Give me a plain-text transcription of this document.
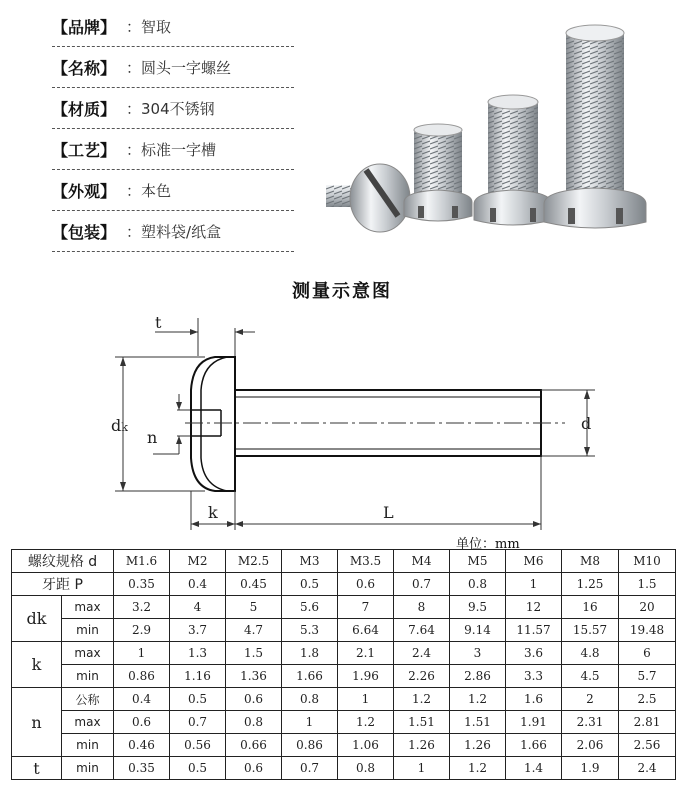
【品牌】 ：智取
【名称】 ：圆头一字螺丝
【材质】 ：304不锈钢
【工艺】 ：标准一字槽
【外观】 ：本色
【包装】 ：塑料袋/纸盒
测量示意图
t
dk
n
d
k	L
单位：mm
螺纹规格 d		M1.6	M2	M2.5	M3	M3.5	M4	M5	M6	M8	M10
牙距 P		0.35	0.4	0.45	0.5	0.6	0.7	0.8	1	1.25	1.5
dk	max	3.2	4	5	5.6	7	8	9.5	12	16	20
	min	2.9	3.7	4.7	5.3	6.64	7.64	9.14	11.57	15.57	19.48
k	max	1	1.3	1.5	1.8	2.1	2.4	3	3.6	4.8	6
	min	0.86	1.16	1.36	1.66	1.96	2.26	2.86	3.3	4.5	5.7
n	公称	0.4	0.5	0.6	0.8	1	1.2	1.2	1.6	2	2.5
	max	0.6	0.7	0.8	1	1.2	1.51	1.51	1.91	2.31	2.81
	min	0.46	0.56	0.66	0.86	1.06	1.26	1.26	1.66	2.06	2.56
t	min	0.35	0.5	0.6	0.7	0.8	1	1.2	1.4	1.9	2.4
